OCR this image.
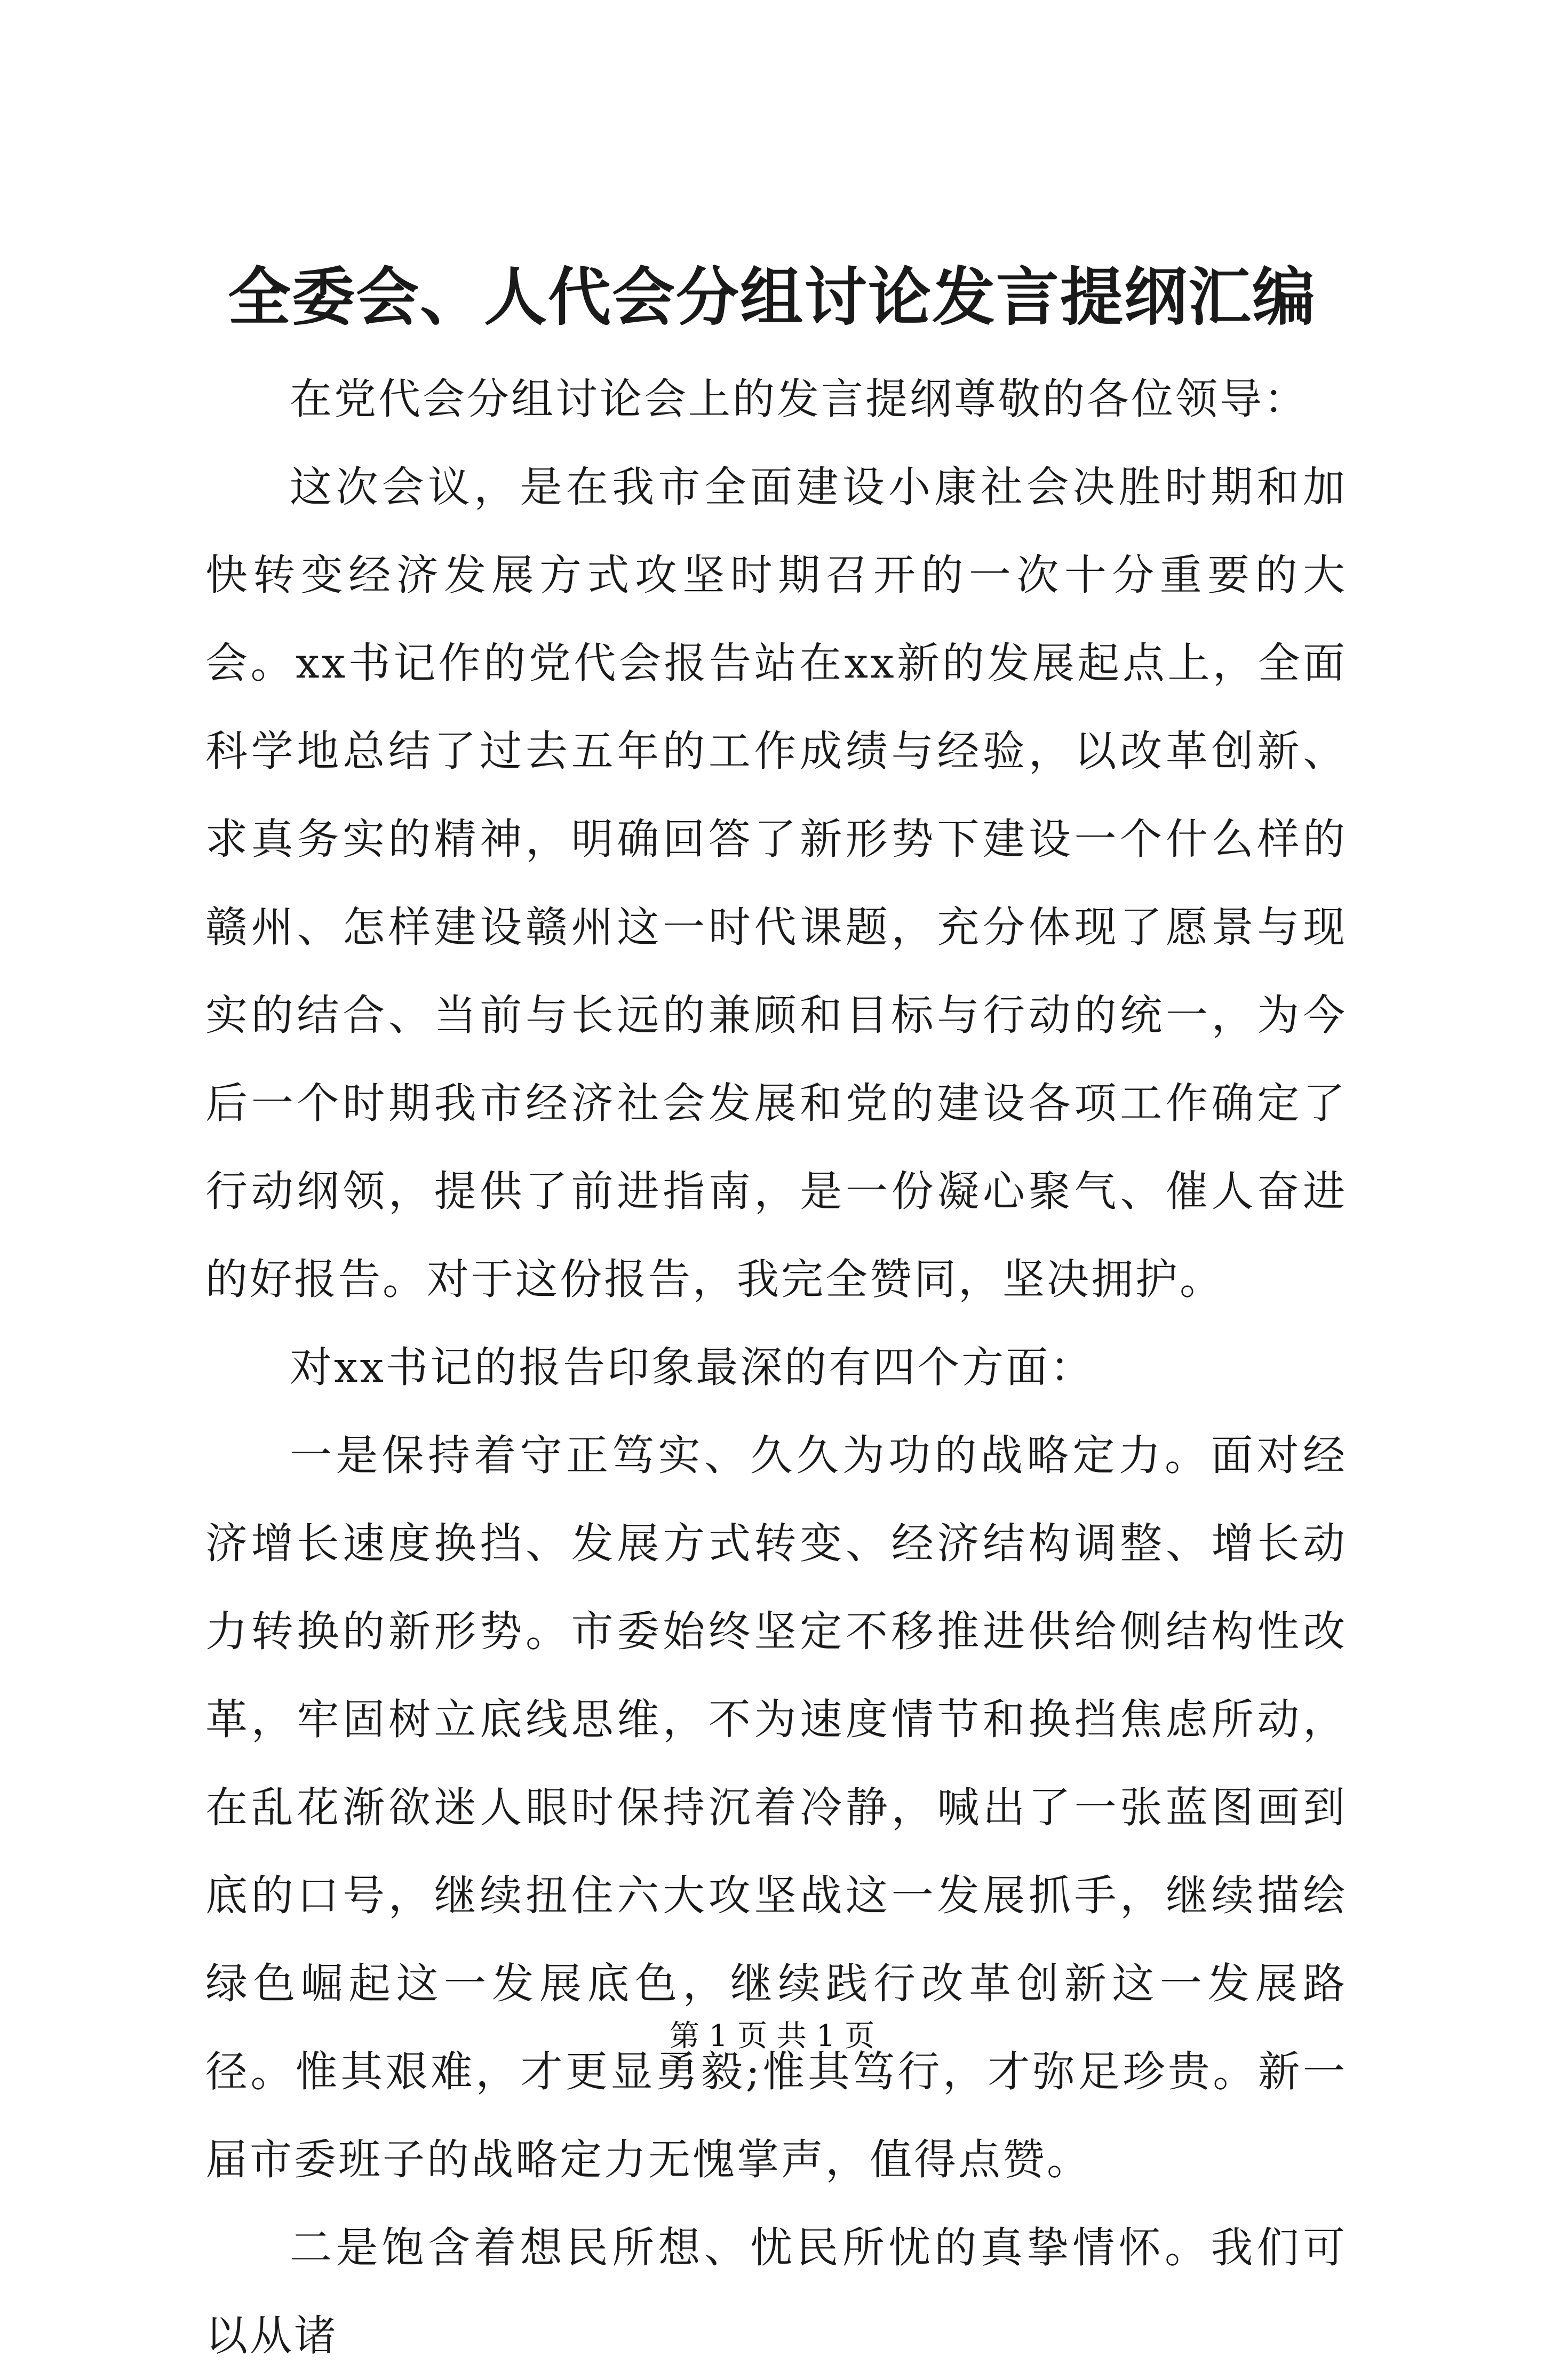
全委会、人代会分组讨论发言提纲汇编

在党代会分组讨论会上的发言提纲尊敬的各位领导：

这次会议，是在我市全面建设小康社会决胜时期和加快转变经济发展方式攻坚时期召开的一次十分重要的大会。xx书记作的党代会报告站在xx新的发展起点上，全面科学地总结了过去五年的工作成绩与经验，以改革创新、求真务实的精神，明确回答了新形势下建设一个什么样的赣州、怎样建设赣州这一时代课题，充分体现了愿景与现实的结合、当前与长远的兼顾和目标与行动的统一，为今后一个时期我市经济社会发展和党的建设各项工作确定了行动纲领，提供了前进指南，是一份凝心聚气、催人奋进的好报告。对于这份报告，我完全赞同，坚决拥护。

对xx书记的报告印象最深的有四个方面：

一是保持着守正笃实、久久为功的战略定力。面对经济增长速度换挡、发展方式转变、经济结构调整、增长动力转换的新形势。市委始终坚定不移推进供给侧结构性改革，牢固树立底线思维，不为速度情节和换挡焦虑所动，在乱花渐欲迷人眼时保持沉着冷静，喊出了一张蓝图画到底的口号，继续扭住六大攻坚战这一发展抓手，继续描绘绿色崛起这一发展底色，继续践行改革创新这一发展路径。惟其艰难，才更显勇毅;惟其笃行，才弥足珍贵。新一届市委班子的战略定力无愧掌声，值得点赞。

二是饱含着想民所想、忧民所忧的真挚情怀。我们可以从诸

第 1 页 共 1 页
